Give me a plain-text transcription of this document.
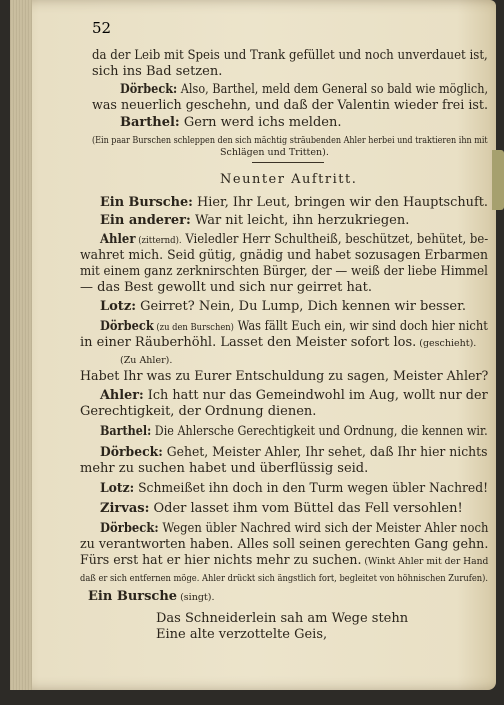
52
da der Leib mit Speis und Trank gefüllet und noch unverdauet ist,
sich ins Bad setzen.
Dörbeck: Also, Barthel, meld dem General so bald wie möglich,
was neuerlich geschehn, und daß der Valentin wieder frei ist.
Barthel: Gern werd ichs melden.
(Ein paar Burschen schleppen den sich mächtig sträubenden Ahler herbei und traktieren ihn mit
Schlägen und Tritten).
Neunter Auftritt.
Ein Bursche: Hier, Ihr Leut, bringen wir den Hauptschuft.
Ein anderer: War nit leicht, ihn herzukriegen.
Ahler (zitternd). Vieledler Herr Schultheiß, beschützet, behütet, be-
wahret mich. Seid gütig, gnädig und habet sozusagen Erbarmen
mit einem ganz zerknirschten Bürger, der — weiß der liebe Himmel
— das Best gewollt und sich nur geirret hat.
Lotz: Geirret? Nein, Du Lump, Dich kennen wir besser.
Dörbeck (zu den Burschen) Was fällt Euch ein, wir sind doch hier nicht
in einer Räuberhöhl. Lasset den Meister sofort los. (geschieht).
(Zu Ahler).
Habet Ihr was zu Eurer Entschuldung zu sagen, Meister Ahler?
Ahler: Ich hatt nur das Gemeindwohl im Aug, wollt nur der
Gerechtigkeit, der Ordnung dienen.
Barthel: Die Ahlersche Gerechtigkeit und Ordnung, die kennen wir.
Dörbeck: Gehet, Meister Ahler, Ihr sehet, daß Ihr hier nichts
mehr zu suchen habet und überflüssig seid.
Lotz: Schmeißet ihn doch in den Turm wegen übler Nachred!
Zirvas: Oder lasset ihm vom Büttel das Fell versohlen!
Dörbeck: Wegen übler Nachred wird sich der Meister Ahler noch
zu verantworten haben. Alles soll seinen gerechten Gang gehn.
Fürs erst hat er hier nichts mehr zu suchen. (Winkt Ahler mit der Hand
daß er sich entfernen möge. Ahler drückt sich ängstlich fort, begleitet von höhnischen Zurufen).
Ein Bursche (singt).
Das Schneiderlein sah am Wege stehn
Eine alte verzottelte Geis,
